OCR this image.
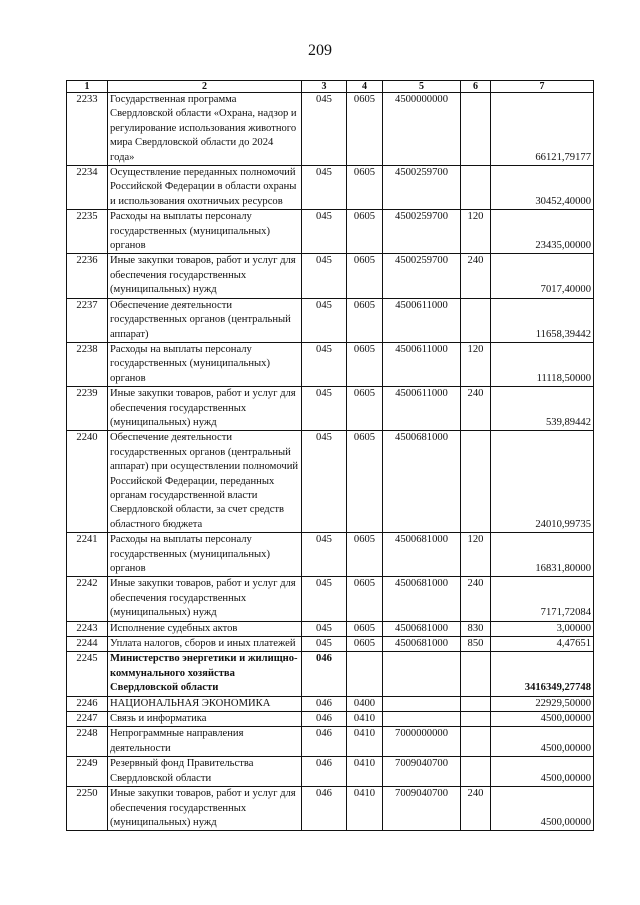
209
1	2	3	4	5	6	7
2233	Государственная программа Свердловской области «Охрана, надзор и регулирование использования животного мира Свердловской области до 2024 года»	045	0605	4500000000		66121,79177
2234	Осуществление переданных полномочий Российской Федерации в области охраны и использования охотничьих ресурсов	045	0605	4500259700		30452,40000
2235	Расходы на выплаты персоналу государственных (муниципальных) органов	045	0605	4500259700	120	23435,00000
2236	Иные закупки товаров, работ и услуг для обеспечения государственных (муниципальных) нужд	045	0605	4500259700	240	7017,40000
2237	Обеспечение деятельности государственных органов (центральный аппарат)	045	0605	4500611000		11658,39442
2238	Расходы на выплаты персоналу государственных (муниципальных) органов	045	0605	4500611000	120	11118,50000
2239	Иные закупки товаров, работ и услуг для обеспечения государственных (муниципальных) нужд	045	0605	4500611000	240	539,89442
2240	Обеспечение деятельности государственных органов (центральный аппарат) при осуществлении полномочий Российской Федерации, переданных органам государственной власти Свердловской области, за счет средств областного бюджета	045	0605	4500681000		24010,99735
2241	Расходы на выплаты персоналу государственных (муниципальных) органов	045	0605	4500681000	120	16831,80000
2242	Иные закупки товаров, работ и услуг для обеспечения государственных (муниципальных) нужд	045	0605	4500681000	240	7171,72084
2243	Исполнение судебных актов	045	0605	4500681000	830	3,00000
2244	Уплата налогов, сборов и иных платежей	045	0605	4500681000	850	4,47651
2245	Министерство энергетики и жилищно-коммунального хозяйства Свердловской области	046				3416349,27748
2246	НАЦИОНАЛЬНАЯ ЭКОНОМИКА	046	0400			22929,50000
2247	Связь и информатика	046	0410			4500,00000
2248	Непрограммные направления деятельности	046	0410	7000000000		4500,00000
2249	Резервный фонд Правительства Свердловской области	046	0410	7009040700		4500,00000
2250	Иные закупки товаров, работ и услуг для обеспечения государственных (муниципальных) нужд	046	0410	7009040700	240	4500,00000
